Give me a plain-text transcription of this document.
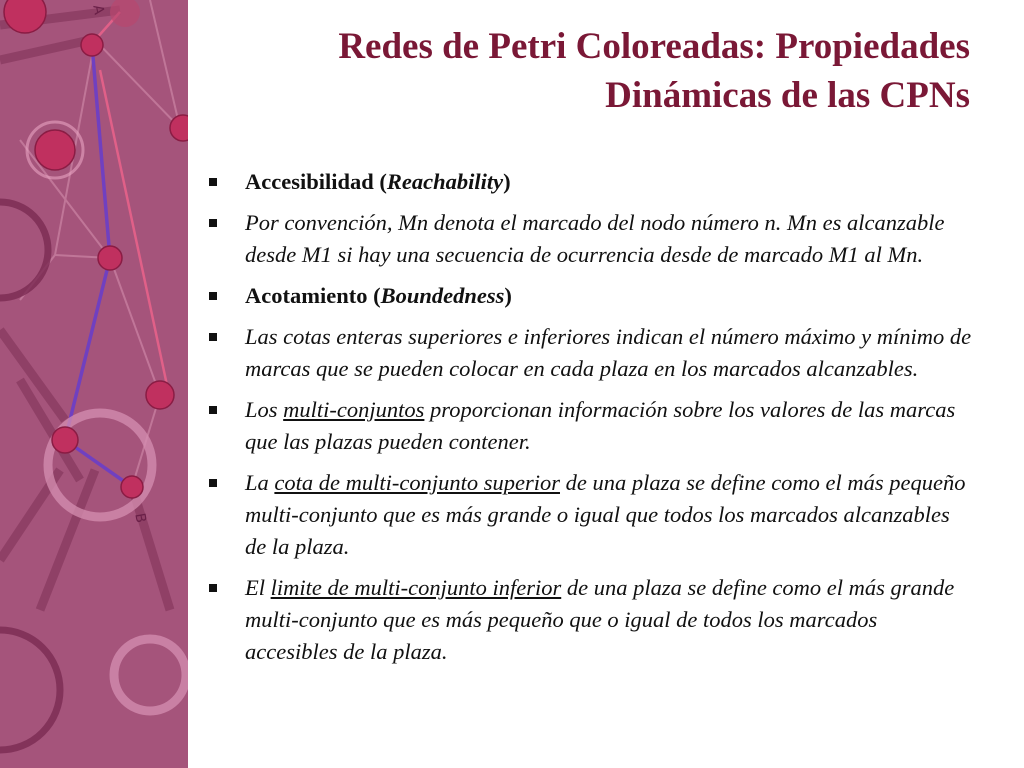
A
B
Redes de Petri Coloreadas: Propiedades
Dinámicas de las CPNs
Accesibilidad (Reachability)
Por convención, Mn denota el marcado del nodo número n. Mn es alcanzable desde M1 si hay una secuencia de ocurrencia desde de marcado M1 al Mn.
Acotamiento (Boundedness)
Las cotas enteras superiores e inferiores indican el número máximo y mínimo de marcas que se pueden colocar en cada plaza en los marcados alcanzables.
Los multi-conjuntos proporcionan información sobre los valores de las marcas que las plazas pueden contener.
La cota de multi-conjunto superior de una plaza se define como el más pequeño multi-conjunto que es más grande o igual que todos los marcados alcanzables de la plaza.
El limite de multi-conjunto inferior de una plaza se define como el más grande multi-conjunto que es más pequeño que o igual de todos los marcados accesibles de la plaza.
